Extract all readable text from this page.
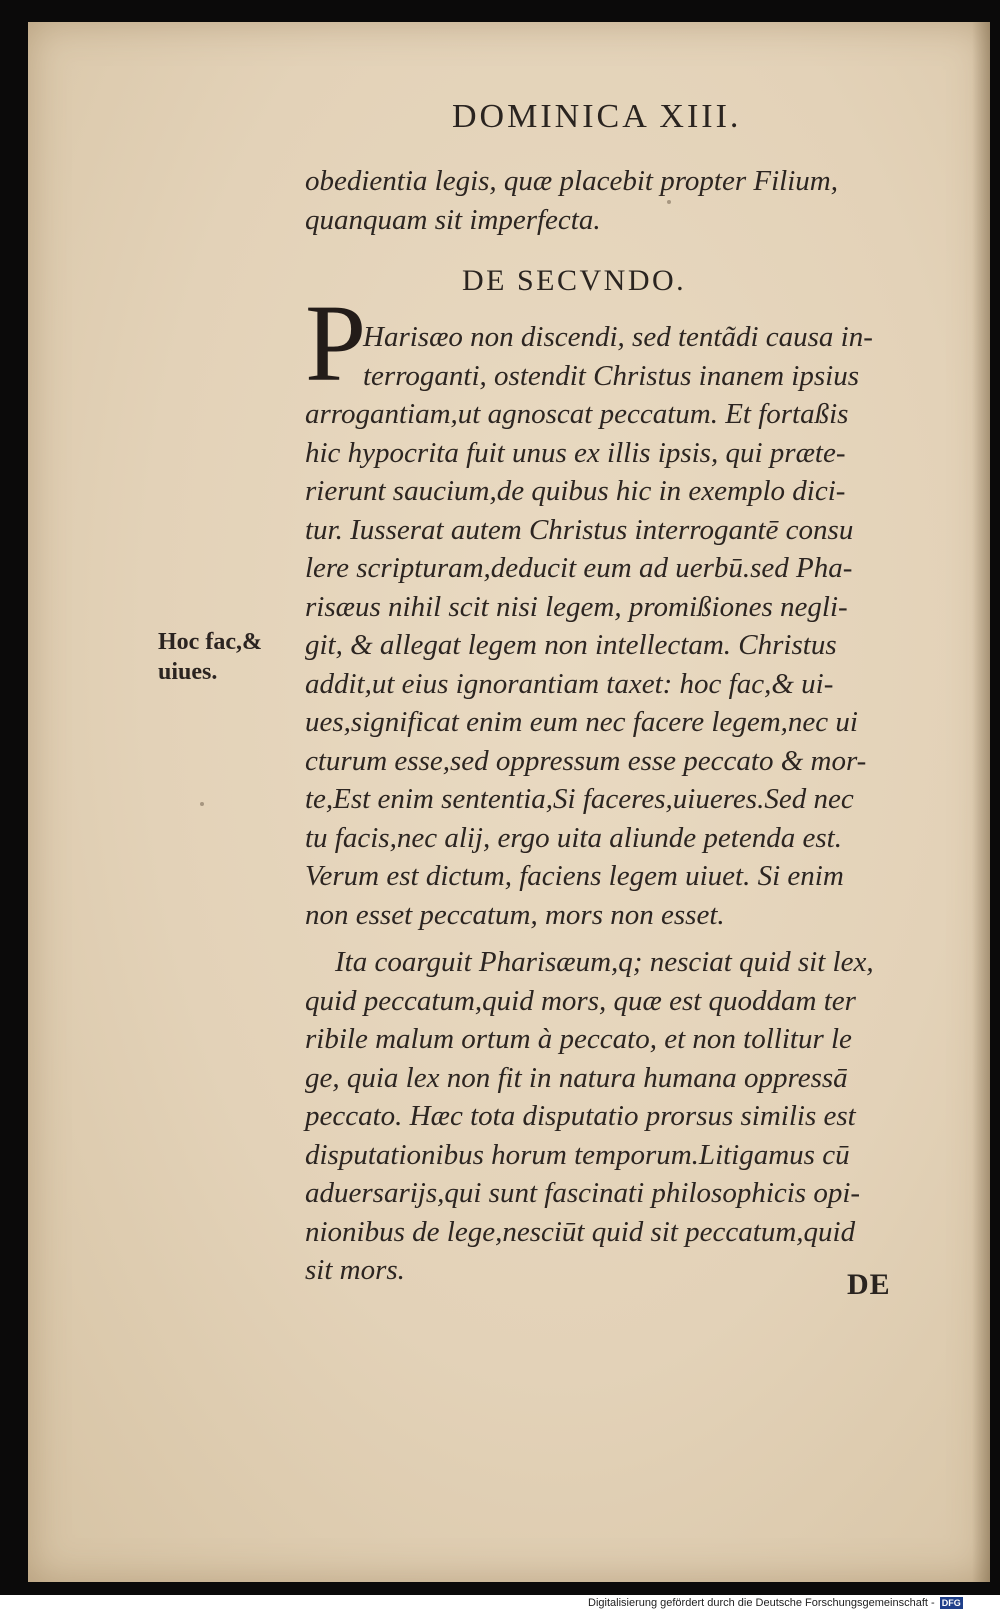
DOMINICA XIII.
obedientia legis, quæ placebit propter Filium,
quanquam sit imperfecta.
DE SECVNDO.
P
Harisæo non discendi, sed tentãdi causa in-
terroganti, ostendit Christus inanem ipsius
arrogantiam,ut agnoscat peccatum. Et fortaßis
hic hypocrita fuit unus ex illis ipsis, qui præte-
rierunt saucium,de quibus hic in exemplo dici-
tur. Iusserat autem Christus interrogantē consu
lere scripturam,deducit eum ad uerbū.sed Pha-
risæus nihil scit nisi legem, promißiones negli-
git, & allegat legem non intellectam. Christus
addit,ut eius ignorantiam taxet: hoc fac,& ui-
ues,significat enim eum nec facere legem,nec ui
cturum esse,sed oppressum esse peccato & mor-
te,Est enim sententia,Si faceres,uiueres.Sed nec
tu facis,nec alij, ergo uita aliunde petenda est.
Verum est dictum, faciens legem uiuet. Si enim
non esset peccatum, mors non esset.
Hoc fac,&
uiues.
Ita coarguit Pharisæum,q; nesciat quid sit lex,
quid peccatum,quid mors, quæ est quoddam ter
ribile malum ortum à peccato, et non tollitur le
ge, quia lex non fit in natura humana oppressā
peccato. Hæc tota disputatio prorsus similis est
disputationibus horum temporum.Litigamus cū
aduersarijs,qui sunt fascinati philosophicis opi-
nionibus de lege,nesciūt quid sit peccatum,quid
sit mors.	DE
Digitalisierung gefördert durch die Deutsche Forschungsgemeinschaft - DFG
